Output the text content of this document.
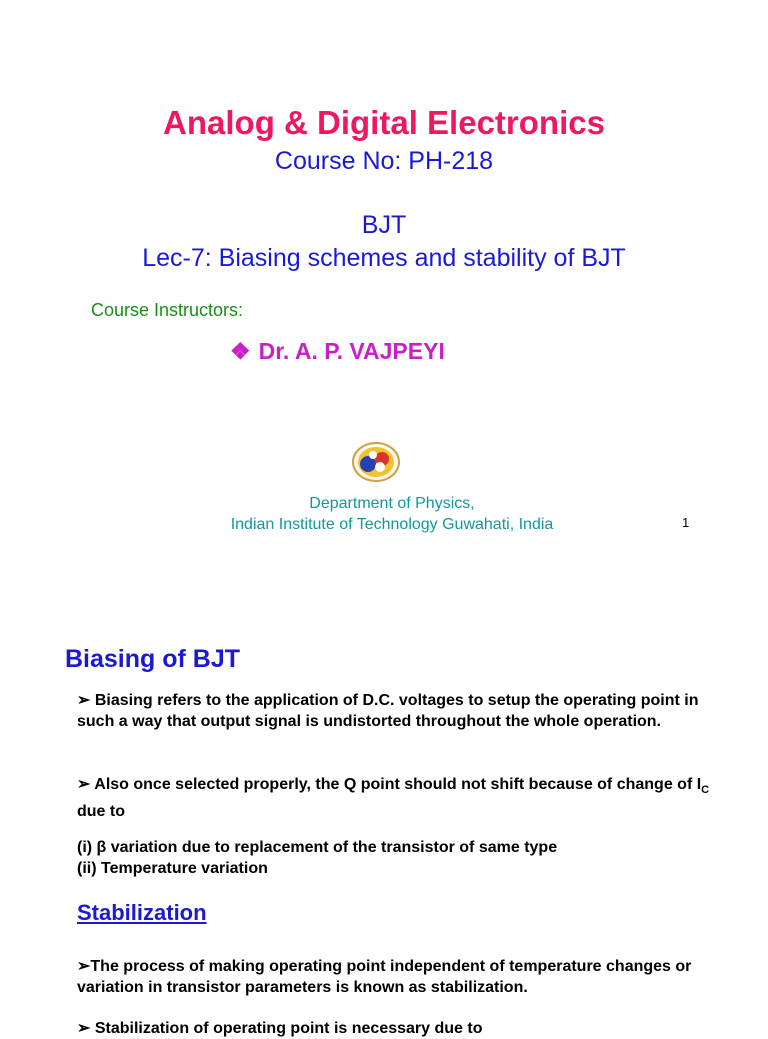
Analog & Digital Electronics
Course No: PH-218
BJT
Lec-7: Biasing schemes and stability of BJT
Course Instructors:
❖ Dr. A. P. VAJPEYI
Department of Physics,
Indian Institute of Technology Guwahati, India	1
Biasing of BJT
➢ Biasing refers to the application of D.C. voltages to setup the operating point in such a way that output signal is undistorted throughout the whole operation.
➢ Also once selected properly, the Q point should not shift because of change of $I_C$ due to
(i) β variation due to replacement of the transistor of same type
(ii) Temperature variation
Stabilization
➢The process of making operating point independent of temperature changes or variation in transistor parameters is known as stabilization.
➢ Stabilization of operating point is necessary due to
